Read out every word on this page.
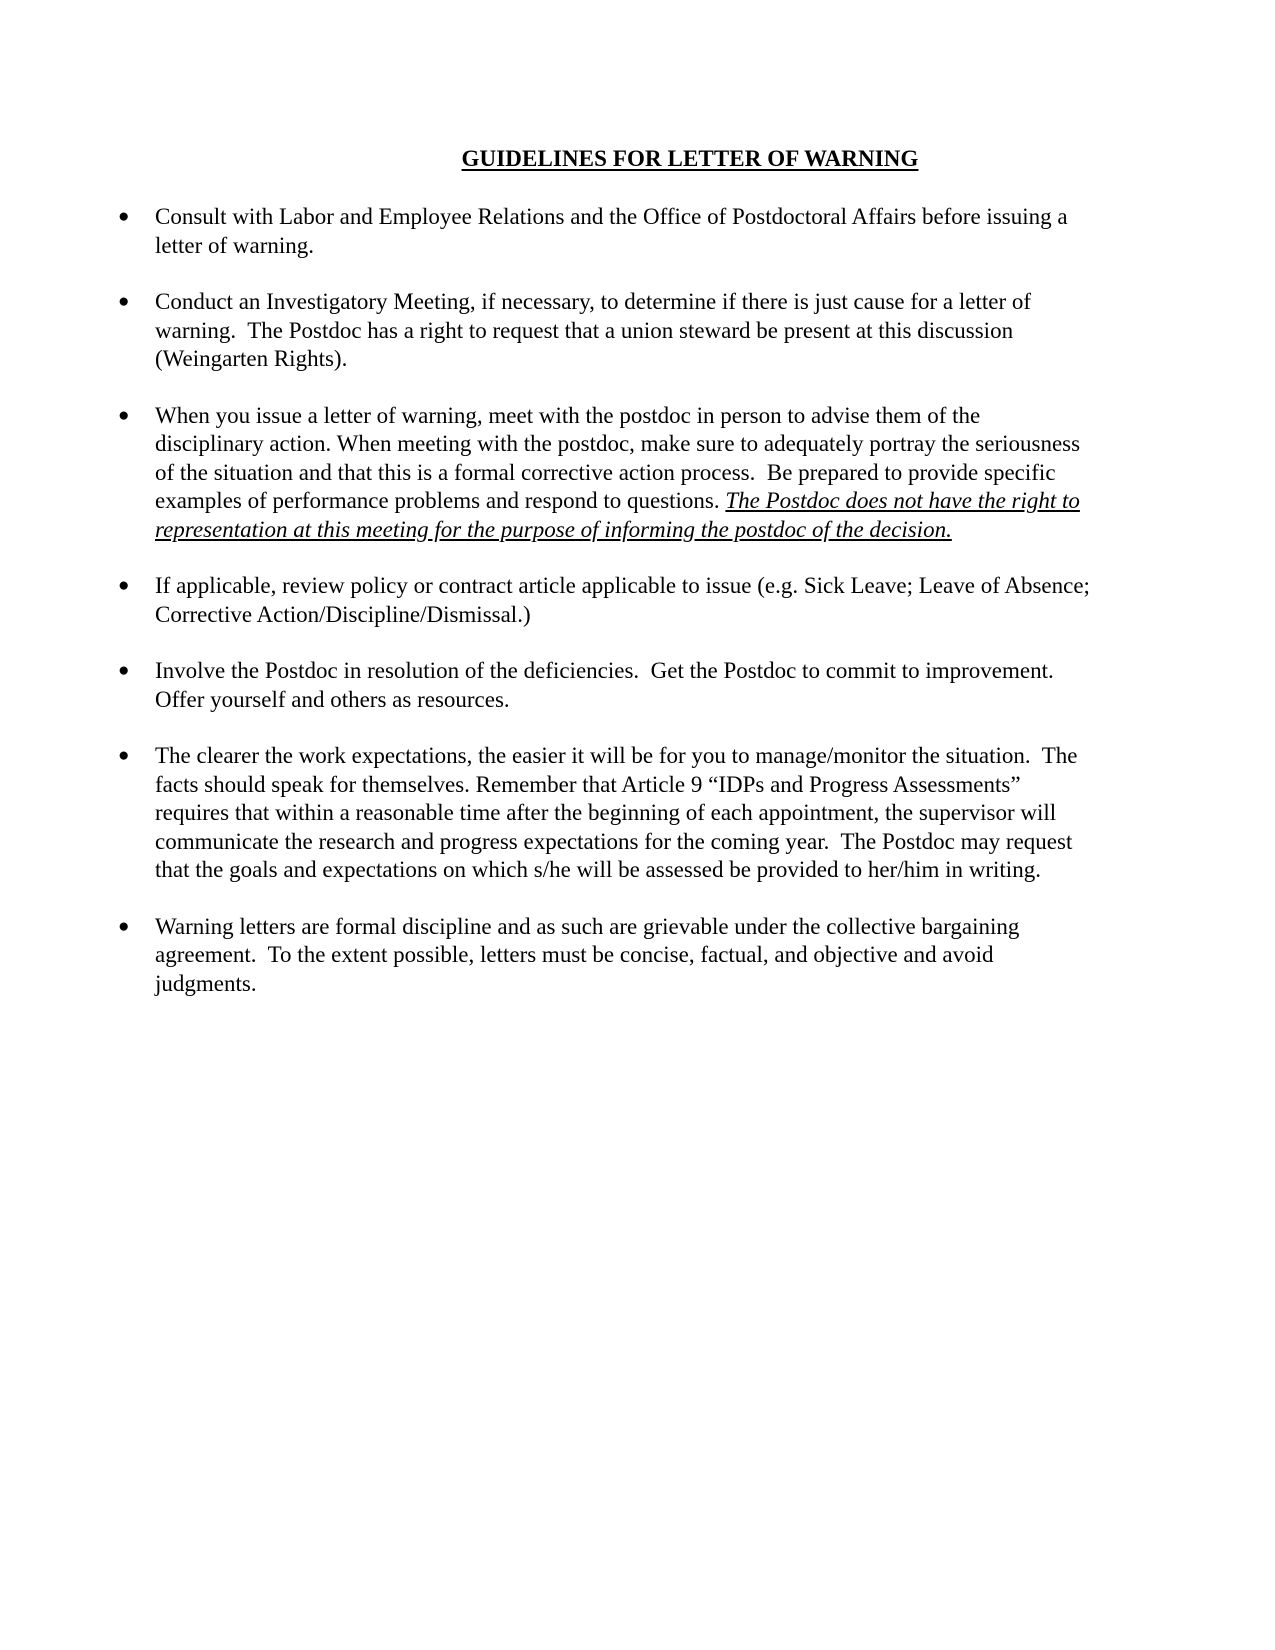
GUIDELINES FOR LETTER OF WARNING
● Consult with Labor and Employee Relations and the Office of Postdoctoral Affairs before issuing a
letter of warning.
● Conduct an Investigatory Meeting, if necessary, to determine if there is just cause for a letter of
warning.  The Postdoc has a right to request that a union steward be present at this discussion
(Weingarten Rights).
● When you issue a letter of warning, meet with the postdoc in person to advise them of the
disciplinary action. When meeting with the postdoc, make sure to adequately portray the seriousness
of the situation and that this is a formal corrective action process.  Be prepared to provide specific
examples of performance problems and respond to questions. The Postdoc does not have the right to
representation at this meeting for the purpose of informing the postdoc of the decision.
● If applicable, review policy or contract article applicable to issue (e.g. Sick Leave; Leave of Absence;
Corrective Action/Discipline/Dismissal.)
● Involve the Postdoc in resolution of the deficiencies.  Get the Postdoc to commit to improvement.
Offer yourself and others as resources.
● The clearer the work expectations, the easier it will be for you to manage/monitor the situation.  The
facts should speak for themselves. Remember that Article 9 “IDPs and Progress Assessments”
requires that within a reasonable time after the beginning of each appointment, the supervisor will
communicate the research and progress expectations for the coming year.  The Postdoc may request
that the goals and expectations on which s/he will be assessed be provided to her/him in writing.
● Warning letters are formal discipline and as such are grievable under the collective bargaining
agreement.  To the extent possible, letters must be concise, factual, and objective and avoid
judgments.
